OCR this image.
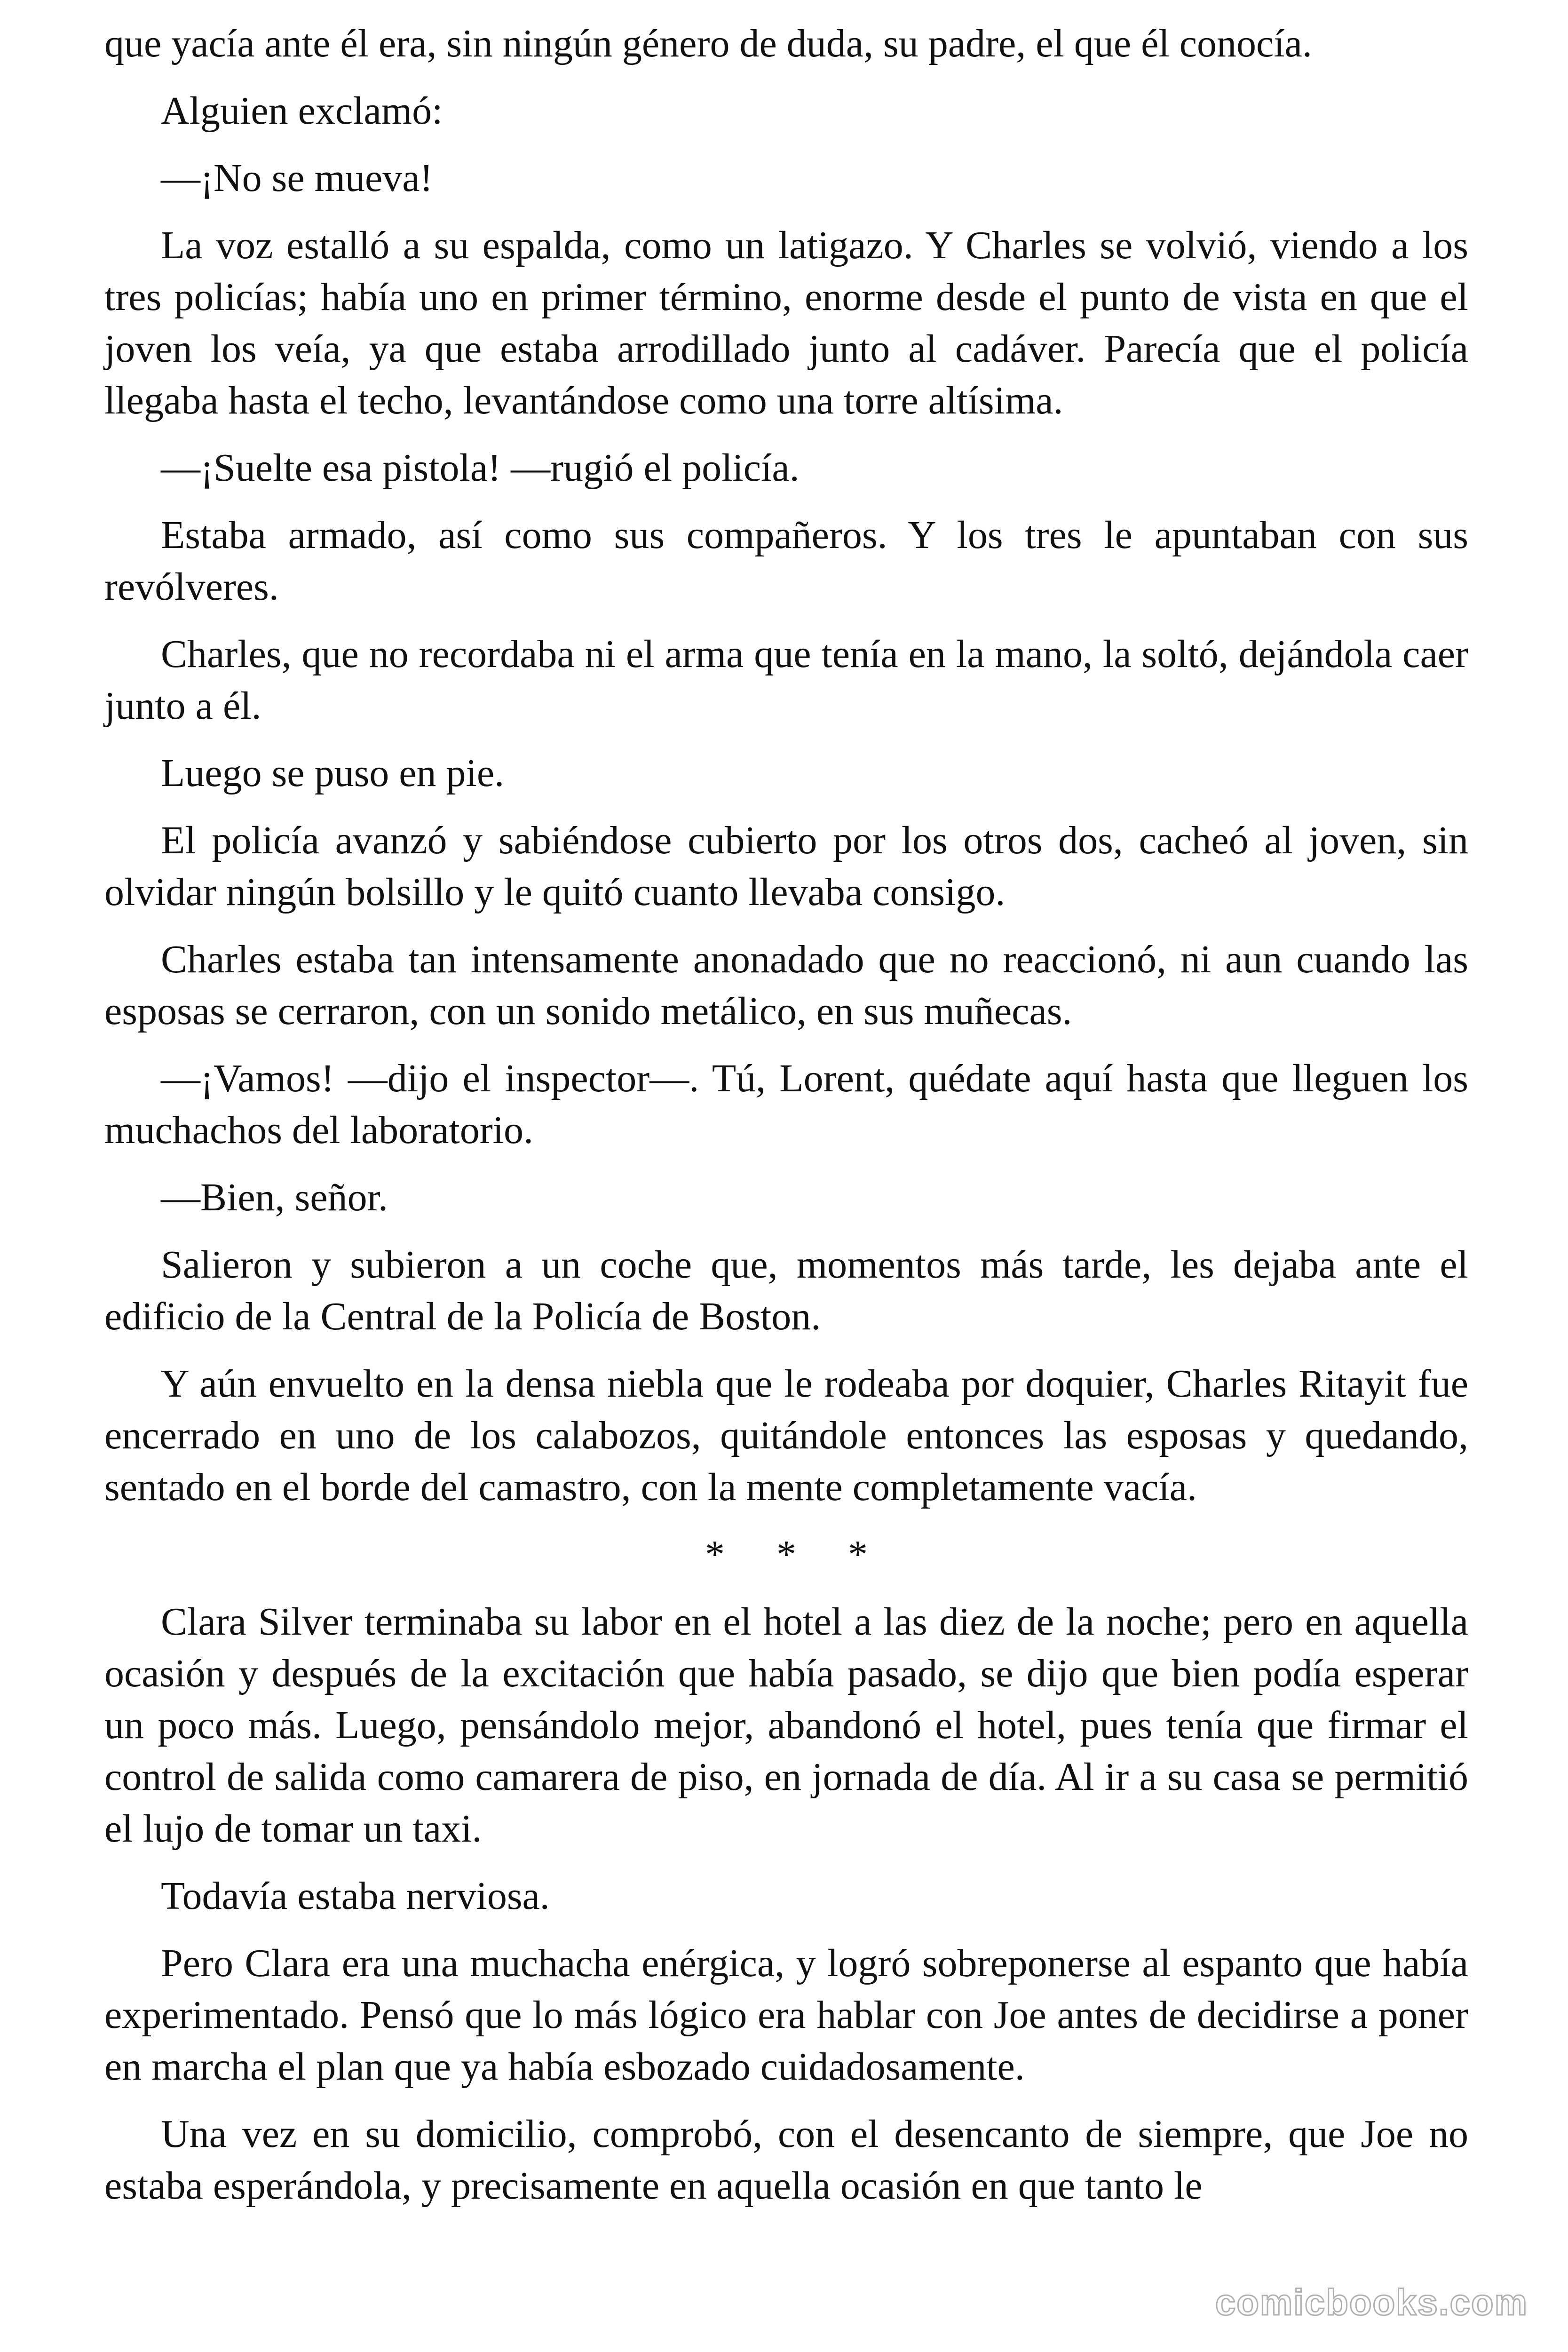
que yacía ante él era, sin ningún género de duda, su padre, el que él conocía.

Alguien exclamó:

—¡No se mueva!

La voz estalló a su espalda, como un latigazo. Y Charles se volvió, viendo a los tres policías; había uno en primer término, enorme desde el punto de vista en que el joven los veía, ya que estaba arrodillado junto al cadáver. Parecía que el policía llegaba hasta el techo, levantándose como una torre altísima.

—¡Suelte esa pistola! —rugió el policía.

Estaba armado, así como sus compañeros. Y los tres le apuntaban con sus revólveres.

Charles, que no recordaba ni el arma que tenía en la mano, la soltó, dejándola caer junto a él.

Luego se puso en pie.

El policía avanzó y sabiéndose cubierto por los otros dos, cacheó al joven, sin olvidar ningún bolsillo y le quitó cuanto llevaba consigo.

Charles estaba tan intensamente anonadado que no reaccionó, ni aun cuando las esposas se cerraron, con un sonido metálico, en sus muñecas.

—¡Vamos! —dijo el inspector—. Tú, Lorent, quédate aquí hasta que lleguen los muchachos del laboratorio.

—Bien, señor.

Salieron y subieron a un coche que, momentos más tarde, les dejaba ante el edificio de la Central de la Policía de Boston.

Y aún envuelto en la densa niebla que le rodeaba por doquier, Charles Ritayit fue encerrado en uno de los calabozos, quitándole entonces las esposas y quedando, sentado en el borde del camastro, con la mente completamente vacía.

* * *

Clara Silver terminaba su labor en el hotel a las diez de la noche; pero en aquella ocasión y después de la excitación que había pasado, se dijo que bien podía esperar un poco más. Luego, pensándolo mejor, abandonó el hotel, pues tenía que firmar el control de salida como camarera de piso, en jornada de día. Al ir a su casa se permitió el lujo de tomar un taxi.

Todavía estaba nerviosa.

Pero Clara era una muchacha enérgica, y logró sobreponerse al espanto que había experimentado. Pensó que lo más lógico era hablar con Joe antes de decidirse a poner en marcha el plan que ya había esbozado cuidadosamente.

Una vez en su domicilio, comprobó, con el desencanto de siempre, que Joe no estaba esperándola, y precisamente en aquella ocasión en que tanto le

comicbooks.com
